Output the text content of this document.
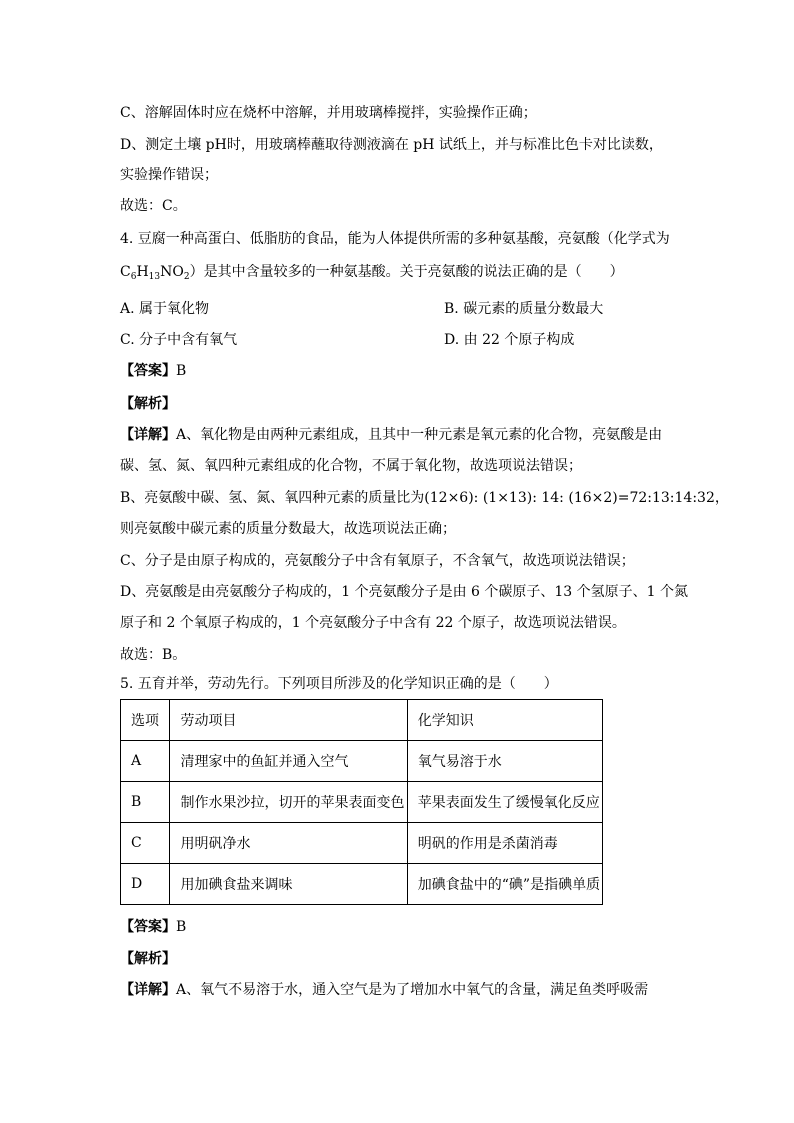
C、溶解固体时应在烧杯中溶解，并用玻璃棒搅拌，实验操作正确；
D、测定土壤 pH时，用玻璃棒蘸取待测液滴在 pH 试纸上，并与标准比色卡对比读数，
实验操作错误；
故选：C。
4. 豆腐一种高蛋白、低脂肪的食品，能为人体提供所需的多种氨基酸，亮氨酸（化学式为
$C_6H_{13}NO_2$）是其中含量较多的一种氨基酸。关于亮氨酸的说法正确的是（　　）
A. 属于氧化物	B. 碳元素的质量分数最大
C. 分子中含有氧气	D. 由 22 个原子构成
【答案】B
【解析】
【详解】A、氧化物是由两种元素组成，且其中一种元素是氧元素的化合物，亮氨酸是由
碳、氢、氮、氧四种元素组成的化合物，不属于氧化物，故选项说法错误；
B、亮氨酸中碳、氢、氮、氧四种元素的质量比为(12×6): (1×13): 14: (16×2)=72:13:14:32，
则亮氨酸中碳元素的质量分数最大，故选项说法正确；
C、分子是由原子构成的，亮氨酸分子中含有氧原子，不含氧气，故选项说法错误；
D、亮氨酸是由亮氨酸分子构成的，1 个亮氨酸分子是由 6 个碳原子、13 个氢原子、1 个氮
原子和 2 个氧原子构成的，1 个亮氨酸分子中含有 22 个原子，故选项说法错误。
故选：B。
5. 五育并举，劳动先行。下列项目所涉及的化学知识正确的是（　　）
选项	劳动项目	化学知识
A	清理家中的鱼缸并通入空气	氧气易溶于水
B	制作水果沙拉，切开的苹果表面变色	苹果表面发生了缓慢氧化反应
C	用明矾净水	明矾的作用是杀菌消毒
D	用加碘食盐来调味	加碘食盐中的“碘”是指碘单质
【答案】B
【解析】
【详解】A、氧气不易溶于水，通入空气是为了增加水中氧气的含量，满足鱼类呼吸需
